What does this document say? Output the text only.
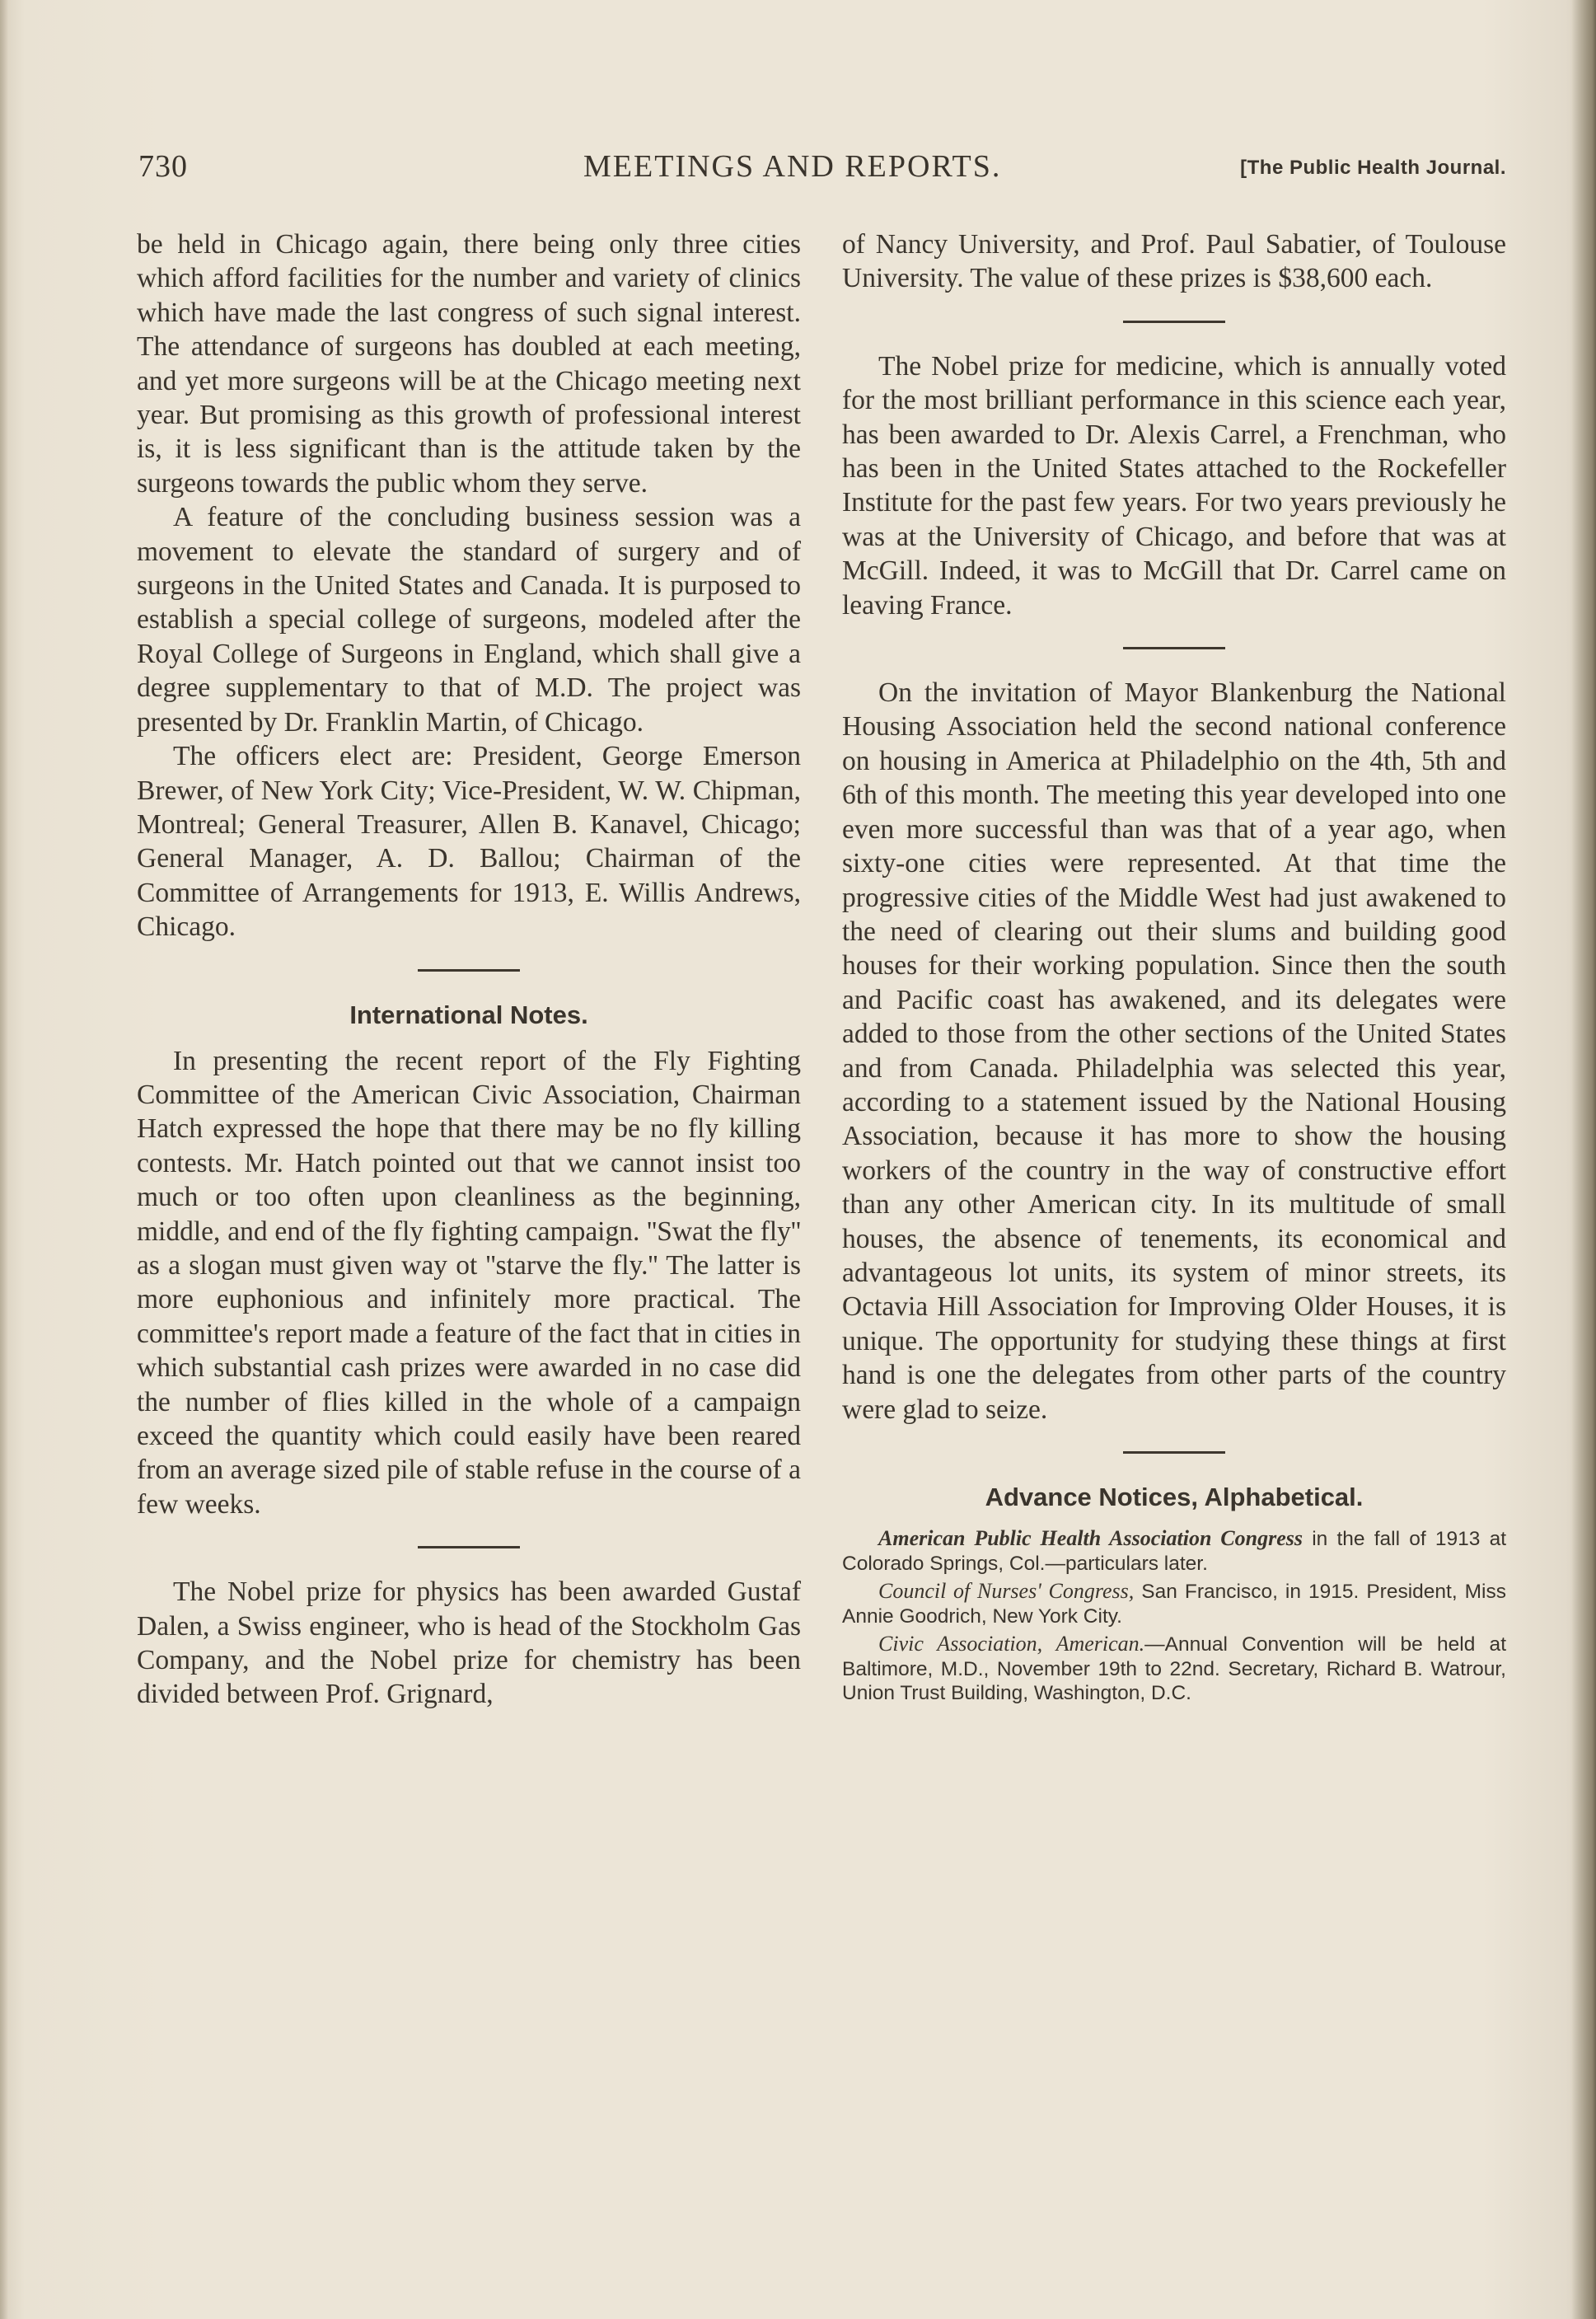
730	MEETINGS AND REPORTS.	[The Public Health Journal.

be held in Chicago again, there being only three cities which afford facilities for the number and variety of clinics which have made the last congress of such signal interest. The attendance of surgeons has doubled at each meeting, and yet more surgeons will be at the Chicago meeting next year. But promising as this growth of professional interest is, it is less significant than is the attitude taken by the surgeons towards the public whom they serve.

A feature of the concluding business session was a movement to elevate the standard of surgery and of surgeons in the United States and Canada. It is purposed to establish a special college of surgeons, modeled after the Royal College of Surgeons in England, which shall give a degree supplementary to that of M.D. The project was presented by Dr. Franklin Martin, of Chicago.

The officers elect are: President, George Emerson Brewer, of New York City; Vice-President, W. W. Chipman, Montreal; General Treasurer, Allen B. Kanavel, Chicago; General Manager, A. D. Ballou; Chairman of the Committee of Arrangements for 1913, E. Willis Andrews, Chicago.

International Notes.

In presenting the recent report of the Fly Fighting Committee of the American Civic Association, Chairman Hatch expressed the hope that there may be no fly killing contests. Mr. Hatch pointed out that we cannot insist too much or too often upon cleanliness as the beginning, middle, and end of the fly fighting campaign. ''Swat the fly'' as a slogan must given way ot ''starve the fly.'' The latter is more euphonious and infinitely more practical. The committee's report made a feature of the fact that in cities in which substantial cash prizes were awarded in no case did the number of flies killed in the whole of a campaign exceed the quantity which could easily have been reared from an average sized pile of stable refuse in the course of a few weeks.

The Nobel prize for physics has been awarded Gustaf Dalen, a Swiss engineer, who is head of the Stockholm Gas Company, and the Nobel prize for chemistry has been divided between Prof. Grignard,

of Nancy University, and Prof. Paul Sabatier, of Toulouse University. The value of these prizes is $38,600 each.

The Nobel prize for medicine, which is annually voted for the most brilliant performance in this science each year, has been awarded to Dr. Alexis Carrel, a Frenchman, who has been in the United States attached to the Rockefeller Institute for the past few years. For two years previously he was at the University of Chicago, and before that was at McGill. Indeed, it was to McGill that Dr. Carrel came on leaving France.

On the invitation of Mayor Blankenburg the National Housing Association held the second national conference on housing in America at Philadelphio on the 4th, 5th and 6th of this month. The meeting this year developed into one even more successful than was that of a year ago, when sixty-one cities were represented. At that time the progressive cities of the Middle West had just awakened to the need of clearing out their slums and building good houses for their working population. Since then the south and Pacific coast has awakened, and its delegates were added to those from the other sections of the United States and from Canada. Philadelphia was selected this year, according to a statement issued by the National Housing Association, because it has more to show the housing workers of the country in the way of constructive effort than any other American city. In its multitude of small houses, the absence of tenements, its economical and advantageous lot units, its system of minor streets, its Octavia Hill Association for Improving Older Houses, it is unique. The opportunity for studying these things at first hand is one the delegates from other parts of the country were glad to seize.

Advance Notices, Alphabetical.
American Public Health Association Congress in the fall of 1913 at Colorado Springs, Col.—particulars later.
Council of Nurses' Congress, San Francisco, in 1915. President, Miss Annie Goodrich, New York City.
Civic Association, American.—Annual Convention will be held at Baltimore, M.D., November 19th to 22nd. Secretary, Richard B. Watrour, Union Trust Building, Washington, D.C.
